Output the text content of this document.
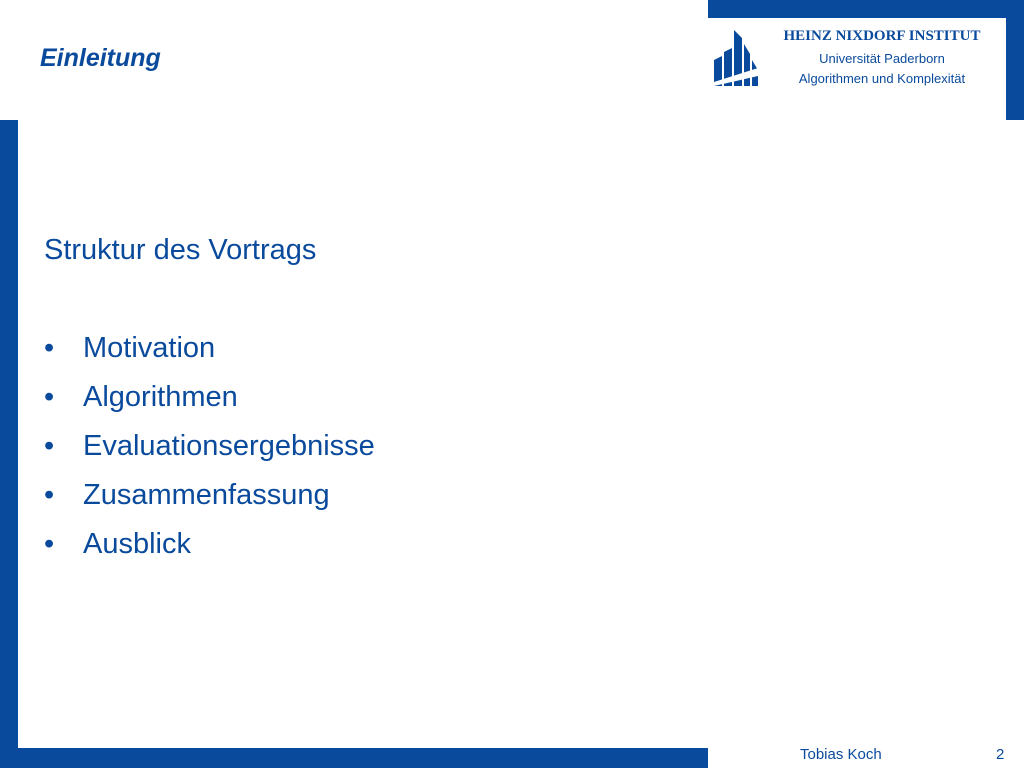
Einleitung
HEINZ NIXDORF INSTITUT
Universität Paderborn
Algorithmen und Komplexität
Struktur des Vortrags
• Motivation
• Algorithmen
• Evaluationsergebnisse
• Zusammenfassung
• Ausblick
Tobias Koch	2
